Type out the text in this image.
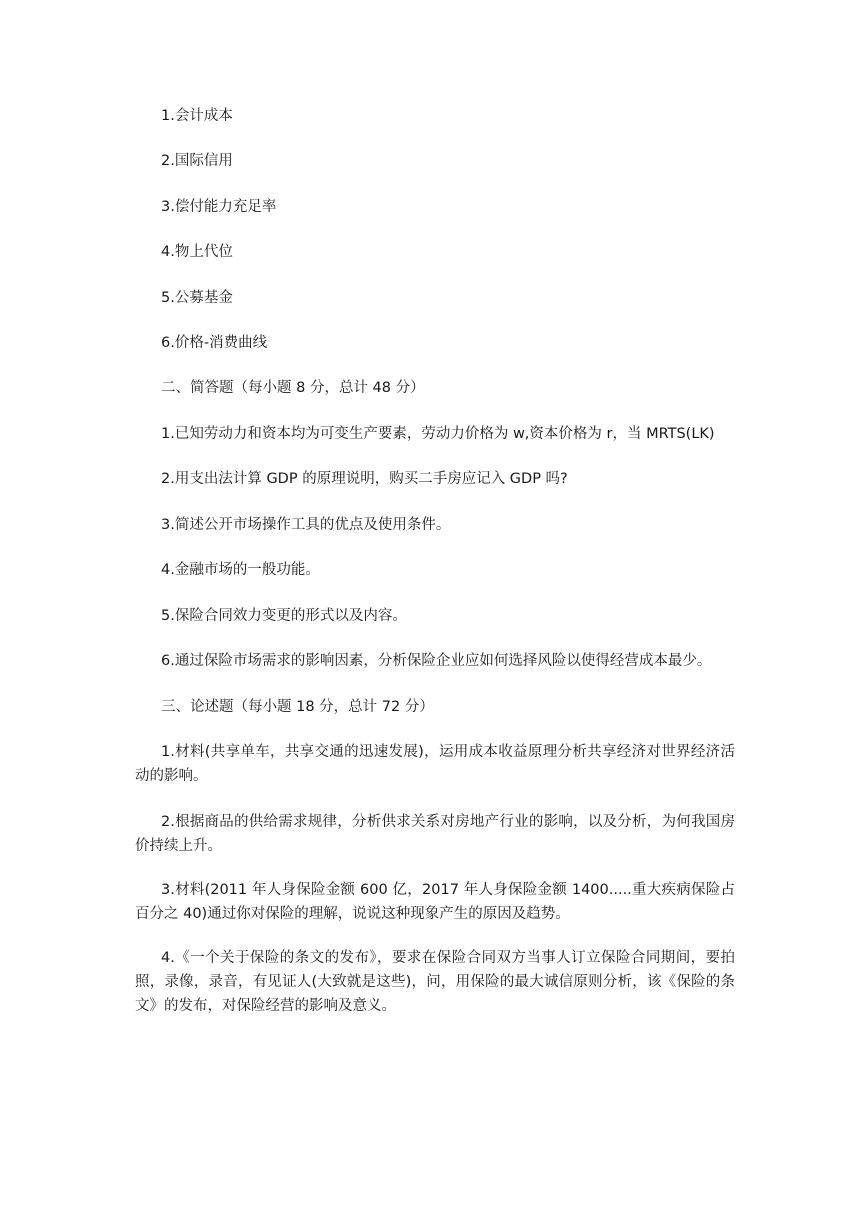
1.会计成本
2.国际信用
3.偿付能力充足率
4.物上代位
5.公募基金
6.价格-消费曲线
二、简答题（每小题 8 分，总计 48 分）
1.已知劳动力和资本均为可变生产要素，劳动力价格为 w,资本价格为 r，当 MRTS(LK)
2.用支出法计算 GDP 的原理说明，购买二手房应记入 GDP 吗?
3.简述公开市场操作工具的优点及使用条件。
4.金融市场的一般功能。
5.保险合同效力变更的形式以及内容。
6.通过保险市场需求的影响因素，分析保险企业应如何选择风险以使得经营成本最少。
三、论述题（每小题 18 分，总计 72 分）
1.材料(共享单车，共享交通的迅速发展)，运用成本收益原理分析共享经济对世界经济活动的影响。
2.根据商品的供给需求规律，分析供求关系对房地产行业的影响，以及分析，为何我国房价持续上升。
3.材料(2011 年人身保险金额 600 亿，2017 年人身保险金额 1400.....重大疾病保险占百分之 40)通过你对保险的理解，说说这种现象产生的原因及趋势。
4.《一个关于保险的条文的发布》，要求在保险合同双方当事人订立保险合同期间，要拍照，录像，录音，有见证人(大致就是这些)，问，用保险的最大诚信原则分析，该《保险的条文》的发布，对保险经营的影响及意义。
